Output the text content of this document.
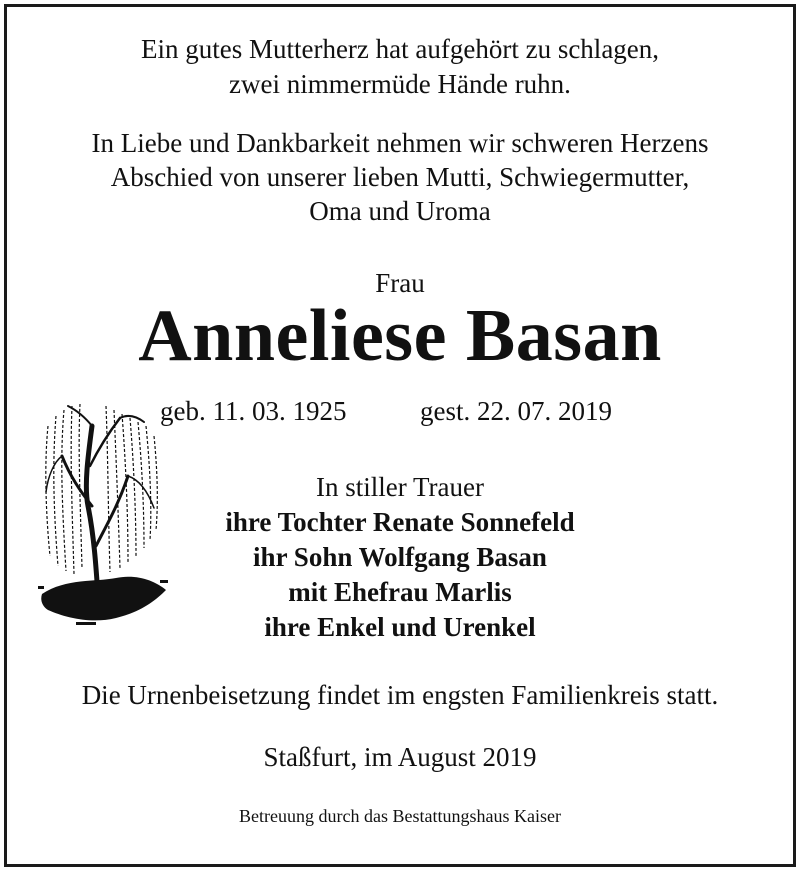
Ein gutes Mutterherz hat aufgehört zu schlagen,
zwei nimmermüde Hände ruhn.
In Liebe und Dankbarkeit nehmen wir schweren Herzens
Abschied von unserer lieben Mutti, Schwiegermutter,
Oma und Uroma
Frau
Anneliese Basan
geb. 11. 03. 1925	gest. 22. 07. 2019
In stiller Trauer
ihre Tochter Renate Sonnefeld
ihr Sohn Wolfgang Basan
mit Ehefrau Marlis
ihre Enkel und Urenkel
Die Urnenbeisetzung findet im engsten Familienkreis statt.
Staßfurt, im August 2019
Betreuung durch das Bestattungshaus Kaiser
